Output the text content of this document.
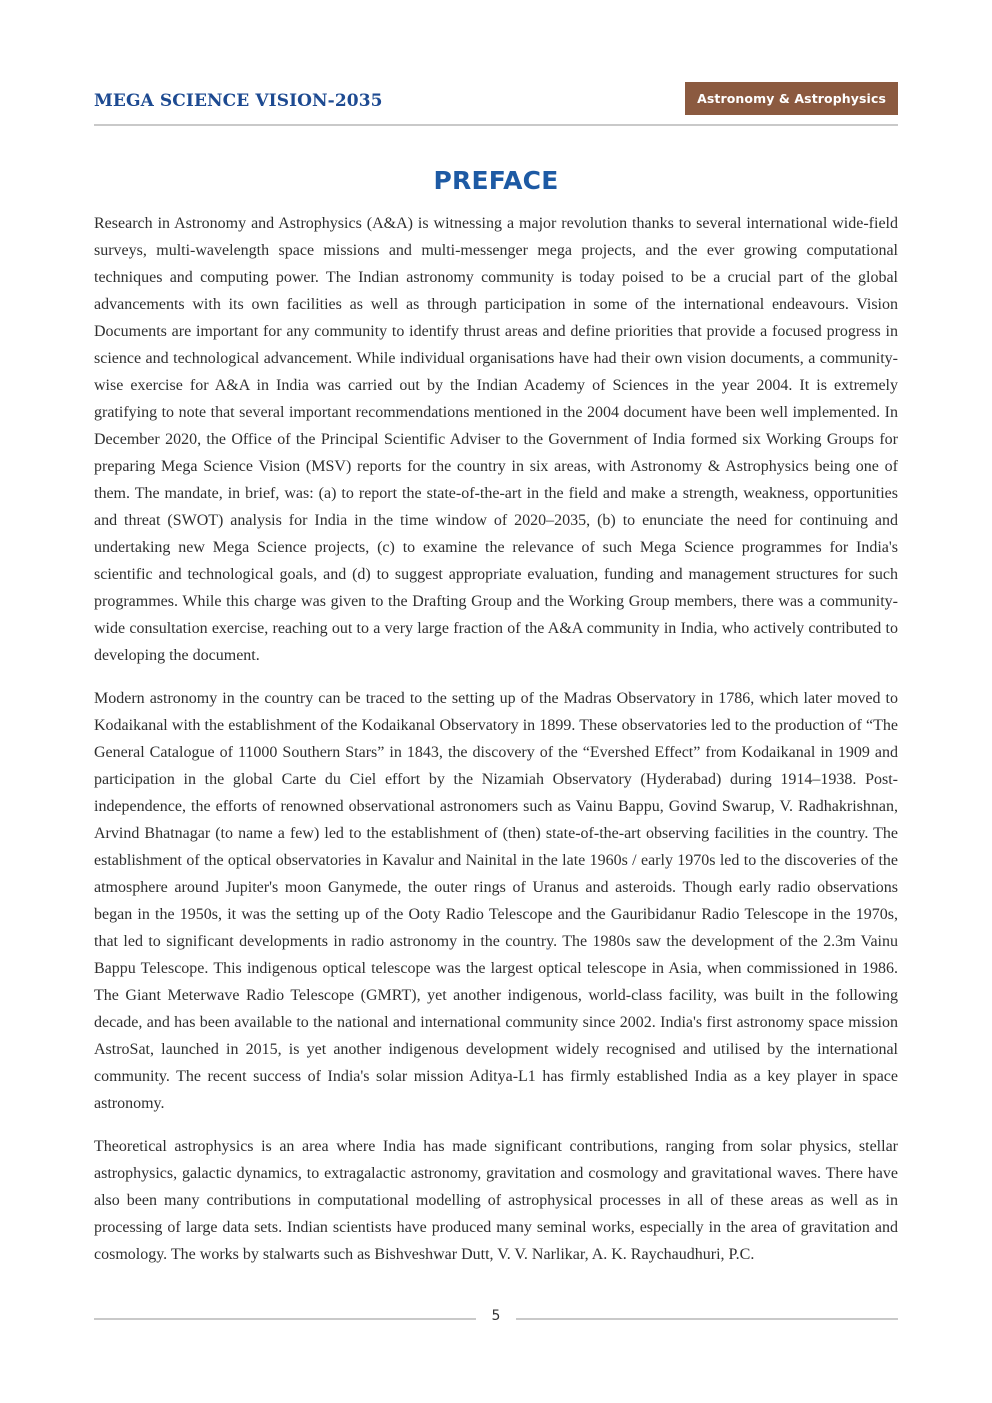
MEGA SCIENCE VISION-2035	Astronomy & Astrophysics
PREFACE

Research in Astronomy and Astrophysics (A&A) is witnessing a major revolution thanks to several international wide-field surveys, multi-wavelength space missions and multi-messenger mega projects, and the ever growing computational techniques and computing power. The Indian astronomy community is today poised to be a crucial part of the global advancements with its own facilities as well as through participation in some of the international endeavours. Vision Documents are important for any community to identify thrust areas and define priorities that provide a focused progress in science and technological advancement. While individual organisations have had their own vision documents, a community-wise exercise for A&A in India was carried out by the Indian Academy of Sciences in the year 2004. It is extremely gratifying to note that several important recommendations mentioned in the 2004 document have been well implemented. In December 2020, the Office of the Principal Scientific Adviser to the Government of India formed six Working Groups for preparing Mega Science Vision (MSV) reports for the country in six areas, with Astronomy & Astrophysics being one of them. The mandate, in brief, was: (a) to report the state-of-the-art in the field and make a strength, weakness, opportunities and threat (SWOT) analysis for India in the time window of 2020–2035, (b) to enunciate the need for continuing and undertaking new Mega Science projects, (c) to examine the relevance of such Mega Science programmes for India's scientific and technological goals, and (d) to suggest appropriate evaluation, funding and management structures for such programmes. While this charge was given to the Drafting Group and the Working Group members, there was a community-wide consultation exercise, reaching out to a very large fraction of the A&A community in India, who actively contributed to developing the document.

Modern astronomy in the country can be traced to the setting up of the Madras Observatory in 1786, which later moved to Kodaikanal with the establishment of the Kodaikanal Observatory in 1899. These observatories led to the production of “The General Catalogue of 11000 Southern Stars” in 1843, the discovery of the “Evershed Effect” from Kodaikanal in 1909 and participation in the global Carte du Ciel effort by the Nizamiah Observatory (Hyderabad) during 1914–1938. Post-independence, the efforts of renowned observational astronomers such as Vainu Bappu, Govind Swarup, V. Radhakrishnan, Arvind Bhatnagar (to name a few) led to the establishment of (then) state-of-the-art observing facilities in the country. The establishment of the optical observatories in Kavalur and Nainital in the late 1960s / early 1970s led to the discoveries of the atmosphere around Jupiter's moon Ganymede, the outer rings of Uranus and asteroids. Though early radio observations began in the 1950s, it was the setting up of the Ooty Radio Telescope and the Gauribidanur Radio Telescope in the 1970s, that led to significant developments in radio astronomy in the country. The 1980s saw the development of the 2.3m Vainu Bappu Telescope. This indigenous optical telescope was the largest optical telescope in Asia, when commissioned in 1986. The Giant Meterwave Radio Telescope (GMRT), yet another indigenous, world-class facility, was built in the following decade, and has been available to the national and international community since 2002. India's first astronomy space mission AstroSat, launched in 2015, is yet another indigenous development widely recognised and utilised by the international community. The recent success of India's solar mission Aditya-L1 has firmly established India as a key player in space astronomy.

Theoretical astrophysics is an area where India has made significant contributions, ranging from solar physics, stellar astrophysics, galactic dynamics, to extragalactic astronomy, gravitation and cosmology and gravitational waves. There have also been many contributions in computational modelling of astrophysical processes in all of these areas as well as in processing of large data sets. Indian scientists have produced many seminal works, especially in the area of gravitation and cosmology. The works by stalwarts such as Bishveshwar Dutt, V. V. Narlikar, A. K. Raychaudhuri, P.C.

5
